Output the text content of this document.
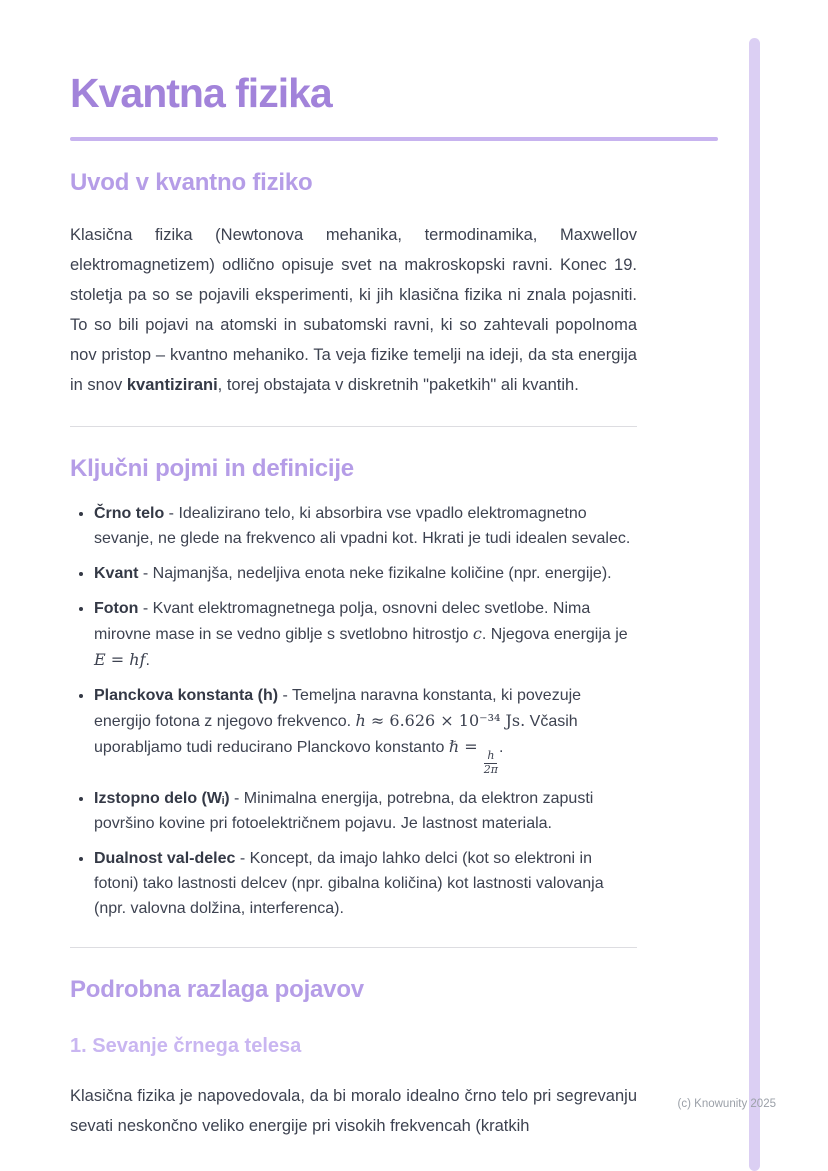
Kvantna fizika
Uvod v kvantno fiziko

Klasična fizika (Newtonova mehanika, termodinamika, Maxwellov elektromagnetizem) odlično opisuje svet na makroskopski ravni. Konec 19. stoletja pa so se pojavili eksperimenti, ki jih klasična fizika ni znala pojasniti. To so bili pojavi na atomski in subatomski ravni, ki so zahtevali popolnoma nov pristop – kvantno mehaniko. Ta veja fizike temelji na ideji, da sta energija in snov kvantizirani, torej obstajata v diskretnih "paketkih" ali kvantih.

Ključni pojmi in definicije
• Črno telo - Idealizirano telo, ki absorbira vse vpadlo elektromagnetno sevanje, ne glede na frekvenco ali vpadni kot. Hkrati je tudi idealen sevalec.
• Kvant - Najmanjša, nedeljiva enota neke fizikalne količine (npr. energije).
• Foton - Kvant elektromagnetnega polja, osnovni delec svetlobe. Nima mirovne mase in se vedno giblje s svetlobno hitrostjo c. Njegova energija je E = hf.
• Planckova konstanta (h) - Temeljna naravna konstanta, ki povezuje energijo fotona z njegovo frekvenco. h ≈ 6.626 × 10⁻³⁴ Js. Včasih uporabljamo tudi reducirano Planckovo konstanto ℏ =
$\frac{h}{2\pi}$
.
• Izstopno delo (Wᵢ) - Minimalna energija, potrebna, da elektron zapusti površino kovine pri fotoelektričnem pojavu. Je lastnost materiala.
• Dualnost val-delec - Koncept, da imajo lahko delci (kot so elektroni in fotoni) tako lastnosti delcev (npr. gibalna količina) kot lastnosti valovanja (npr. valovna dolžina, interferenca).
Podrobna razlaga pojavov
1. Sevanje črnega telesa

Klasična fizika je napovedovala, da bi moralo idealno črno telo pri segrevanju sevati neskončno veliko energije pri visokih frekvencah (kratkih

(c) Knowunity 2025
